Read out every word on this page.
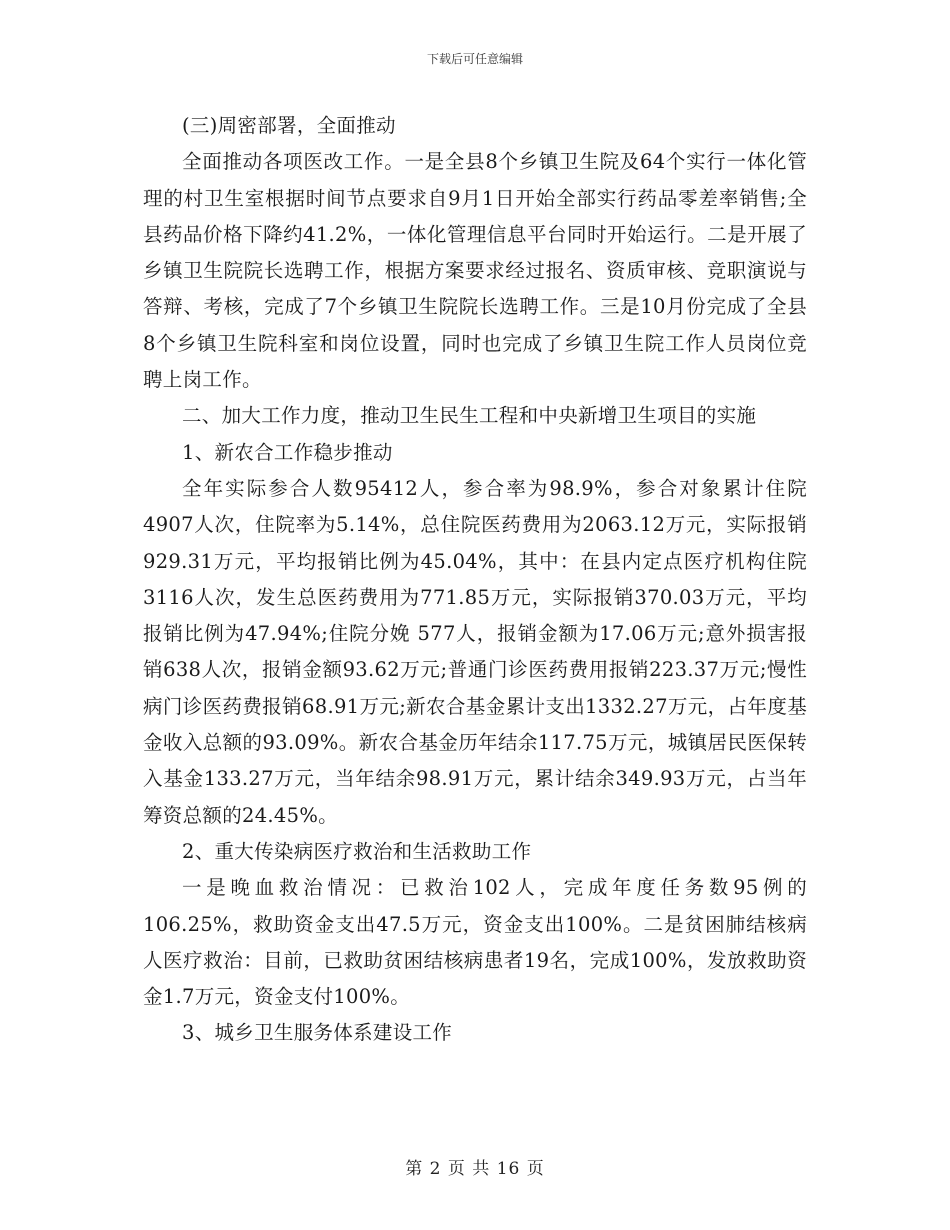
下载后可任意编辑

(三)周密部署，全面推动

全面推动各项医改工作。一是全县8个乡镇卫生院及64个实行一体化管理的村卫生室根据时间节点要求自9月1日开始全部实行药品零差率销售;全县药品价格下降约41.2%，一体化管理信息平台同时开始运行。二是开展了乡镇卫生院院长选聘工作，根据方案要求经过报名、资质审核、竞职演说与答辩、考核，完成了7个乡镇卫生院院长选聘工作。三是10月份完成了全县8个乡镇卫生院科室和岗位设置，同时也完成了乡镇卫生院工作人员岗位竞聘上岗工作。

二、加大工作力度，推动卫生民生工程和中央新增卫生项目的实施

1、新农合工作稳步推动

全年实际参合人数95412人，参合率为98.9%，参合对象累计住院4907人次，住院率为5.14%，总住院医药费用为2063.12万元，实际报销929.31万元，平均报销比例为45.04%，其中：在县内定点医疗机构住院3116人次，发生总医药费用为771.85万元，实际报销370.03万元，平均报销比例为47.94%;住院分娩 577人，报销金额为17.06万元;意外损害报销638人次，报销金额93.62万元;普通门诊医药费用报销223.37万元;慢性病门诊医药费报销68.91万元;新农合基金累计支出1332.27万元，占年度基金收入总额的93.09%。新农合基金历年结余117.75万元，城镇居民医保转入基金133.27万元，当年结余98.91万元，累计结余349.93万元，占当年筹资总额的24.45%。

2、重大传染病医疗救治和生活救助工作

一是晚血救治情况：已救治102人，完成年度任务数95例的106.25%，救助资金支出47.5万元，资金支出100%。二是贫困肺结核病人医疗救治：目前，已救助贫困结核病患者19名，完成100%，发放救助资金1.7万元，资金支付100%。

3、城乡卫生服务体系建设工作

第 2 页 共 16 页
